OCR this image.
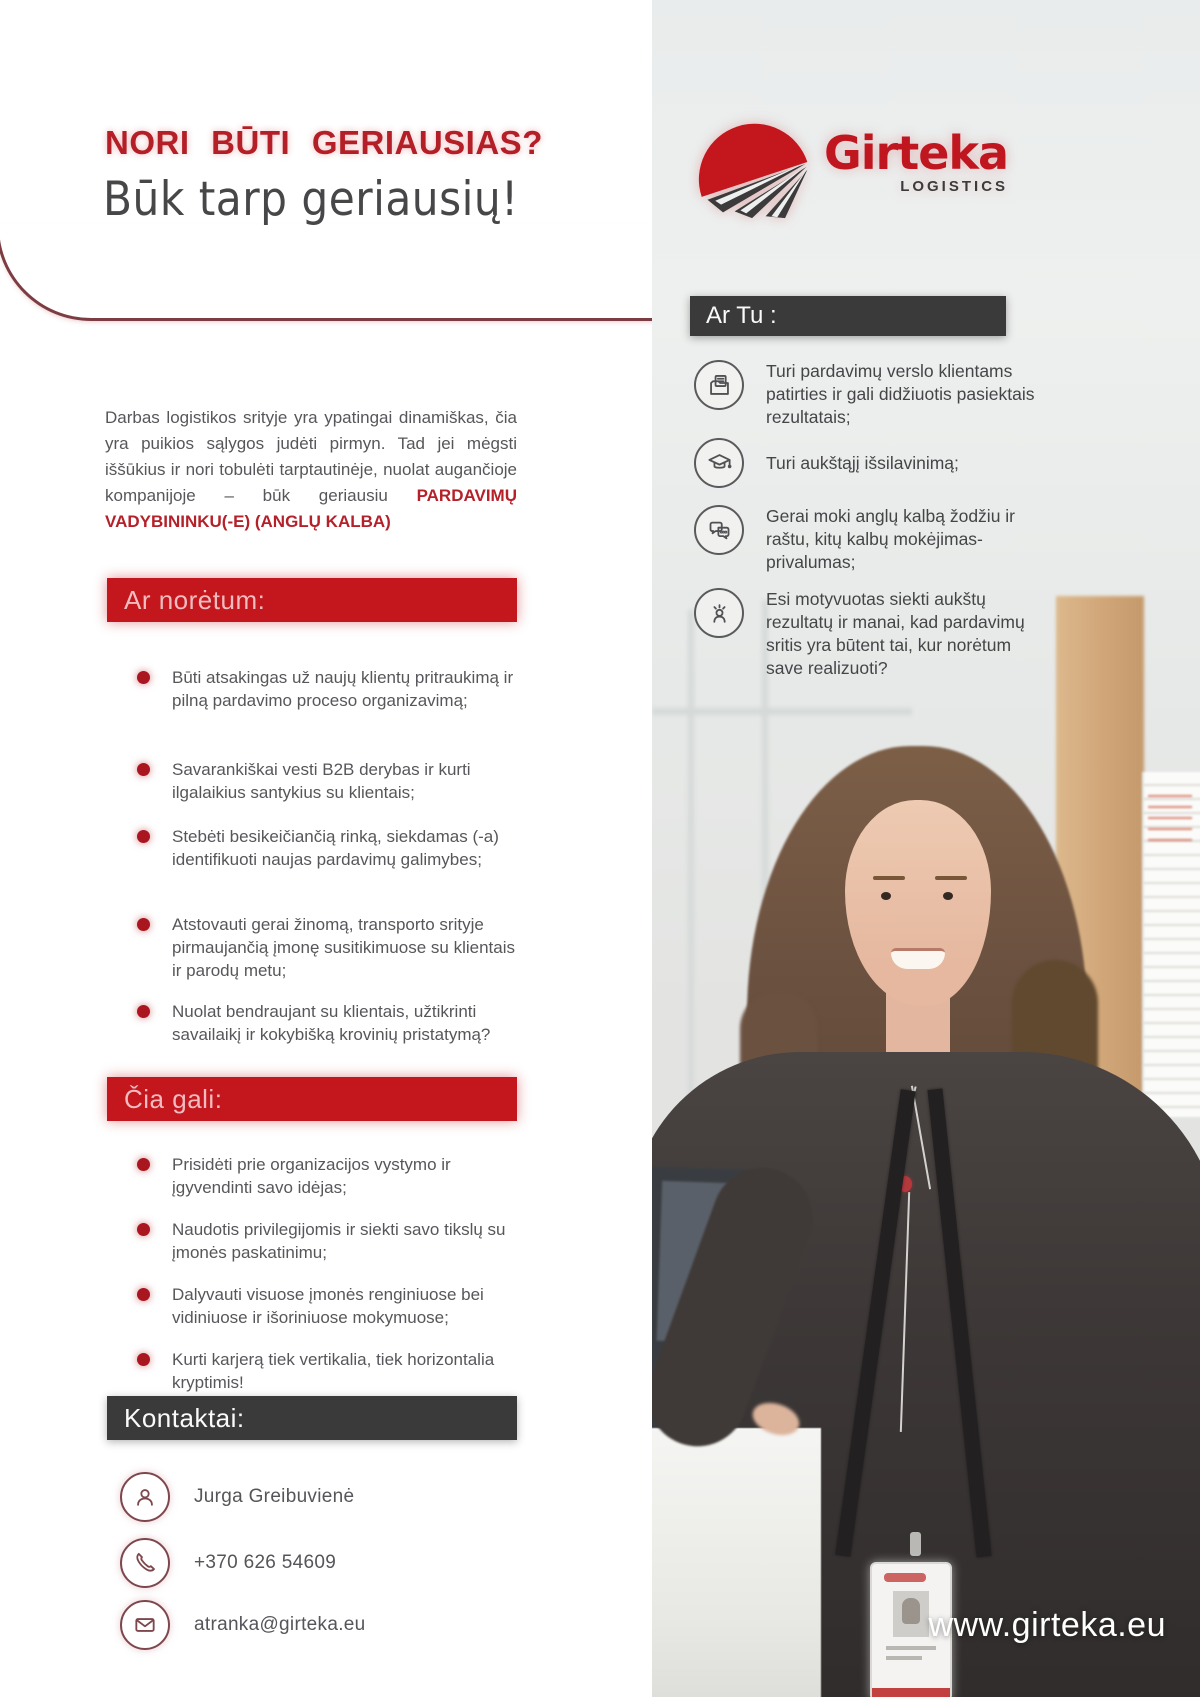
NORI BŪTI GERIAUSIAS?
Būk tarp geriausių!

Darbas logistikos srityje yra ypatingai dinamiškas, čia yra puikios sąlygos judėti pirmyn. Tad jei mėgsti iššūkius ir nori tobulėti tarptautinėje, nuolat augančioje kompanijoje – būk geriausiu PARDAVIMŲ VADYBININKU(-E) (ANGLŲ KALBA)

Ar norėtum:
Būti atsakingas už naujų klientų pritraukimą ir pilną pardavimo proceso organizavimą;
Savarankiškai vesti B2B derybas ir kurti ilgalaikius santykius su klientais;
Stebėti besikeičiančią rinką, siekdamas (-a) identifikuoti naujas pardavimų galimybes;
Atstovauti gerai žinomą, transporto srityje pirmaujančią įmonę susitikimuose su klientais ir parodų metu;
Nuolat bendraujant su klientais, užtikrinti savailaikį ir kokybišką krovinių pristatymą?
Čia gali:
Prisidėti prie organizacijos vystymo ir įgyvendinti savo idėjas;
Naudotis privilegijomis ir siekti savo tikslų su įmonės paskatinimu;
Dalyvauti visuose įmonės renginiuose bei vidiniuose ir išoriniuose mokymuose;
Kurti karjerą tiek vertikalia, tiek horizontalia kryptimis!
Kontaktai:
Jurga Greibuvienė
+370 626 54609
atranka@girteka.eu
Girteka
LOGISTICS
Ar Tu :
Turi pardavimų verslo klientams patirties ir gali didžiuotis pasiektais rezultatais;
Turi aukštąjį išsilavinimą;
Gerai moki anglų kalbą žodžiu ir raštu, kitų kalbų mokėjimas- privalumas;
Esi motyvuotas siekti aukštų rezultatų ir manai, kad pardavimų sritis yra būtent tai, kur norėtum save realizuoti?
www.girteka.eu
